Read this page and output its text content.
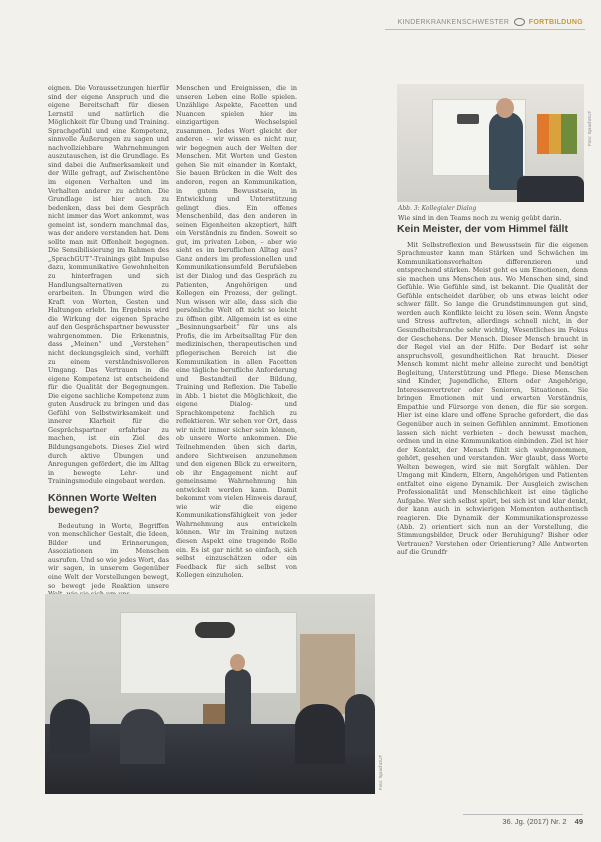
KINDERKRANKENSCHWESTER	FORTBILDUNG

eignen. Die Voraussetzungen hierfür sind der eigene Anspruch und die eigene Bereitschaft für diesen Lernstil und natürlich die Möglichkeit für Übung und Training. Sprachgefühl und eine Kompetenz, sinnvolle Äußerungen zu sagen und nachvollziehbare Wahrnehmungen auszutauschen, ist die Grundlage. Es sind dabei die Aufmerksamkeit und der Wille gefragt, auf Zwischentöne im eigenen Verhalten und im Verhalten anderer zu achten. Die Grundlage ist hier auch zu bedenken, dass bei dem Gespräch nicht immer das Wort ankommt, was gemeint ist, sondern manchmal das, was der andere verstanden hat. Dem sollte man mit Offenheit begegnen. Die Sensibilisierung im Rahmen des „SprachGUT“-Trainings gibt Impulse dazu, kommunikative Gewohnheiten zu hinterfragen und sich Handlungsalternativen zu erarbeiten. In Übungen wird die Kraft von Worten, Gesten und Haltungen erlebt. Im Ergebnis wird die Wirkung der eigenen Sprache auf den Gesprächspartner bewusster wahrgenommen. Die Erkenntnis, dass „Meinen“ und „Verstehen“ nicht deckungsgleich sind, verhilft zu einem verständnisvolleren Umgang. Das Vertrauen in die eigene Kompetenz ist entscheidend für die Qualität der Begegnungen. Die eigene sachliche Kompetenz zum guten Ausdruck zu bringen und das Gefühl von Selbstwirksamkeit und innerer Klarheit für die Gesprächspartner erfahrbar zu machen, ist ein Ziel des Bildungsangebots. Dieses Ziel wird durch aktive Übungen und Anregungen gefördert, die im Alltag in bewegte Lehr- und Trainingsmodule eingebaut werden.

Können Worte Welten bewegen?

Bedeutung in Worte, Begriffen von menschlicher Gestalt, die Ideen, Bilder und Erinnerungen, Assoziationen im Menschen ausrufen. Und so wie jedes Wort, das wir sagen, in unserem Gegenüber eine Welt der Vorstellungen bewegt, so bewegt jede Reaktion unsere

Menschen und Ereignissen, die in unseren Leben eine Rolle spielen. Unzählige Aspekte, Facetten und Nuancen spielen hier im einzigartigen Wechselspiel zusammen. Jedes Wort gleicht der anderen – wir wissen es nicht nur, wir begegnen auch der Welten der Menschen. Mit Worten und Gesten gehen Sie mit einander in Kontakt, Sie bauen Brücken in die Welt des anderen, regen an Kommunikation, in gutem Bewusstsein, in Entwicklung und Unterstützung gelingt dies. Ein offenes Menschenbild, das den anderen in seinen Eigenheiten akzeptiert, hilft ein Verständnis zu finden. Soweit so gut, im privaten Leben, – aber wie sieht es im beruflichen Alltag aus? Ganz anders im professionellen und Kommunikationsumfeld Berufsleben ist der Dialog und das Gespräch zu Patienten, Angehörigen und Kollegen ein Prozess, der gelingt. Nun wissen wir alle, dass sich die persönliche Welt oft nicht so leicht zu öffnen gibt. Allgemein ist es eine „Besinnungsarbeit“ für uns als Profis, die im Arbeitsalltag Für den medizinischen, therapeutischen und pflegerischen Bereich ist die Kommunikation in allen Facetten eine tägliche berufliche Anforderung und Bestandteil der Bildung, Training und Reflexion. Die Tabelle in Abb. 1 bietet die Möglichkeit, die eigene Dialog- und Sprachkompetenz fachlich zu reflektieren. Wir sehen vor Ort, dass wir nicht immer sicher sein können, ob unsere Worte ankommen. Die Teilnehmenden üben sich darin, andere Sichtweisen anzunehmen und den eigenen Blick zu erweitern, ob ihr Engagement nicht auf gemeinsame Wahrnehmung hin entwickelt werden kann. Damit bekommt vom vielen Hinweis darauf, wie wir die eigene Kommunikationsfähigkeit von jeder Wahrnehmung aus entwickeln können. Wir im Training nutzen diesen Aspekt eine tragende Rolle ein. Es ist gar nicht so einfach, sich selbst einzuschätzen oder ein Feedback für sich selbst von Kollegen einzuholen.

Foto: SprachGUT
Abb. 3: Kollegialer Dialog
Wie sind in den Teams noch zu wenig geübt darin.
Kein Meister, der vom Himmel fällt

Mit Selbstreflexion und Bewusstsein für die eigenen Sprachmuster kann man Stärken und Schwächen im Kommunikationsverhalten differenzieren und entsprechend stärken. Meist geht es um Emotionen, denn sie machen uns Menschen aus. Wo Menschen sind, sind Gefühle. Wie Gefühle sind, ist bekannt. Die Qualität der Gefühle entscheidet darüber, ob uns etwas leicht oder schwer fällt. So lange die Grundstimmungen gut sind, werden auch Konflikte leicht zu lösen sein. Wenn Ängste und Stress auftreten, allerdings schnell nicht, in der Gesundheitsbranche sehr wichtig, Wesentliches im Fokus der Geschehens. Der Mensch. Dieser Mensch braucht in der Regel viel an der Hilfe. Der Bedarf ist sehr anspruchsvoll, gesundheitlichen Rat braucht. Dieser Mensch kommt nicht mehr alleine zurecht und benötigt Begleitung, Unterstützung und Pflege. Diese Menschen sind Kinder, Jugendliche, Eltern oder Angehörige, Interessenvertreter oder Senioren, Situationen. Sie bringen Emotionen mit und erwarten Verständnis, Empathie und Fürsorge von denen, die für sie sorgen. Hier ist eine klare und offene Sprache gefordert, die das Gegenüber auch in seinen Gefühlen annimmt. Emotionen lassen sich nicht verbieten – doch bewusst machen, ordnen und in eine Kommunikation einbinden. Ziel ist hier der Kontakt, der Mensch fühlt sich wahrgenommen, gehört, gesehen und verstanden. Wer glaubt, dass Worte Welten bewegen, wird sie mit Sorgfalt wählen. Der Umgang mit Kindern, Eltern, Angehörigen und Patienten entfaltet eine eigene Dynamik. Der Ausgleich zwischen Professionalität und Menschlichkeit ist eine tägliche Aufgabe. Wer sich selbst spürt, bei sich ist und klar denkt, der kann auch in schwierigen Momenten authentisch reagieren. Die Dynamik der Kommunikationsprozesse (Abb. 2) orientiert sich nun an der Vorstellung, die Stimmungsbilder, Druck oder Beruhigung? Bisher oder Vertrauen? Verstehen oder Orientierung? Alle Antworten auf die Grundfr

Foto: SprachGUT
36. Jg. (2017) Nr. 2 49
